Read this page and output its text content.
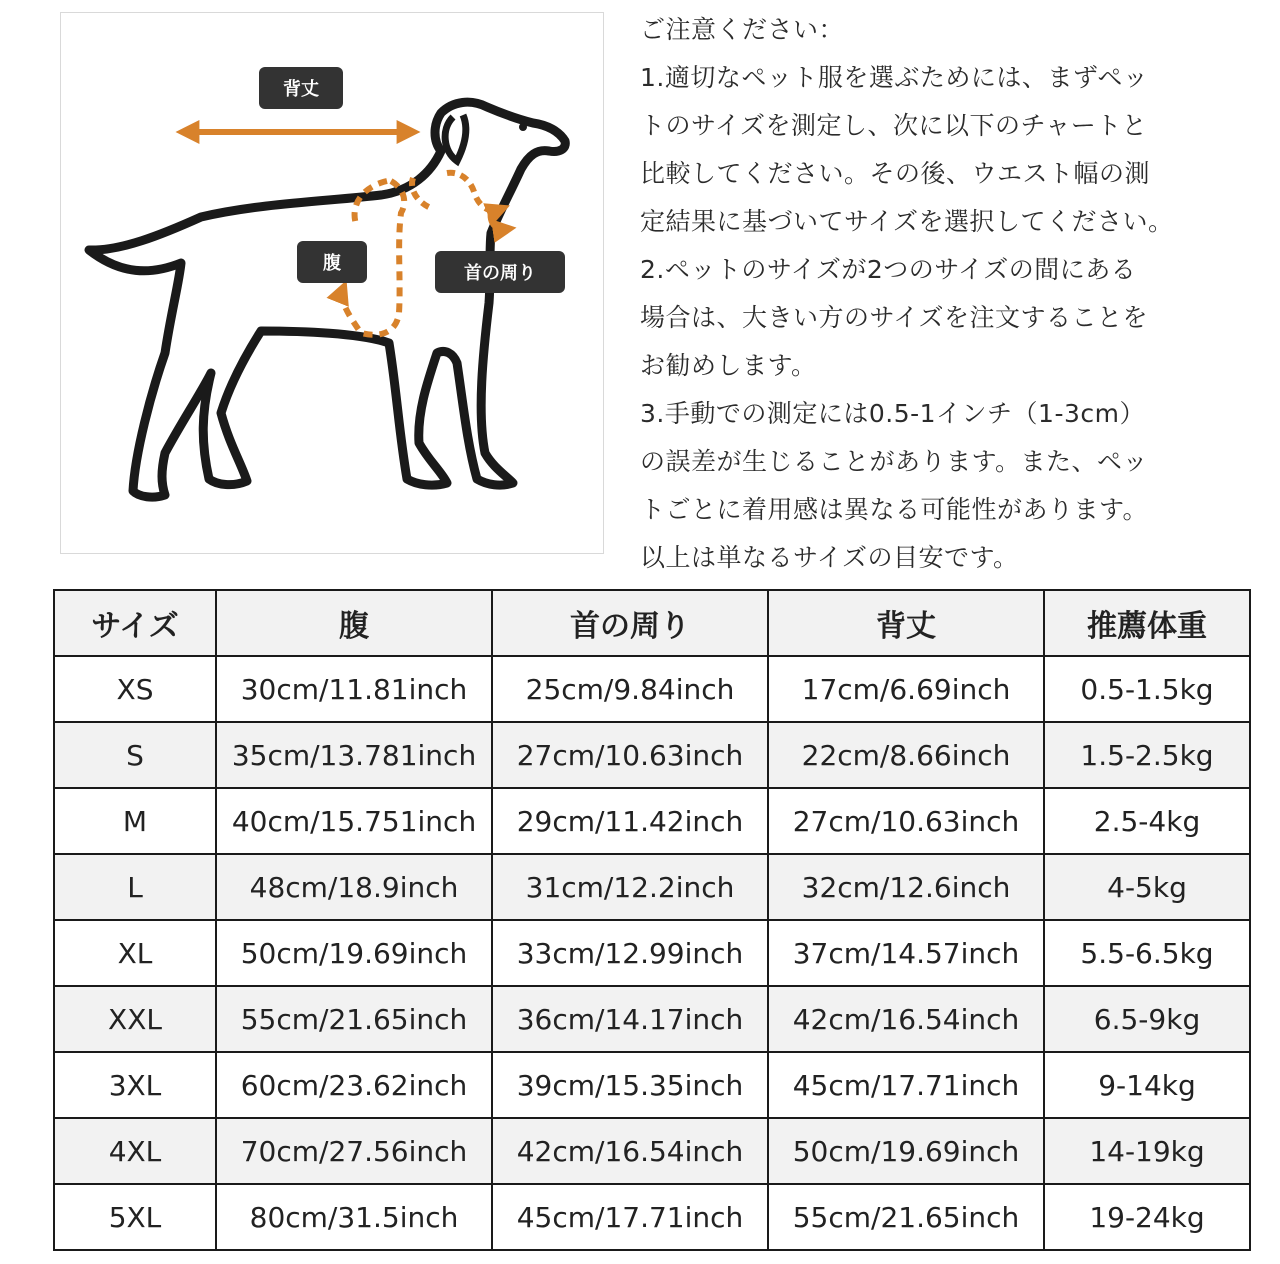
背丈
腹	首の周り
ご注意ください：
1.適切なペット服を選ぶためには、まずペッ
トのサイズを測定し、次に以下のチャートと
比較してください。その後、ウエスト幅の測
定結果に基づいてサイズを選択してください。
2.ペットのサイズが2つのサイズの間にある
場合は、大きい方のサイズを注文することを
お勧めします。
3.手動での測定には0.5-1インチ（1-3cm）
の誤差が生じることがあります。また、ペッ
トごとに着用感は異なる可能性があります。
以上は単なるサイズの目安です。
サイズ	腹	首の周り	背丈	推薦体重
XS	30cm/11.81inch	25cm/9.84inch	17cm/6.69inch	0.5-1.5kg
S	35cm/13.781inch	27cm/10.63inch	22cm/8.66inch	1.5-2.5kg
M	40cm/15.751inch	29cm/11.42inch	27cm/10.63inch	2.5-4kg
L	48cm/18.9inch	31cm/12.2inch	32cm/12.6inch	4-5kg
XL	50cm/19.69inch	33cm/12.99inch	37cm/14.57inch	5.5-6.5kg
XXL	55cm/21.65inch	36cm/14.17inch	42cm/16.54inch	6.5-9kg
3XL	60cm/23.62inch	39cm/15.35inch	45cm/17.71inch	9-14kg
4XL	70cm/27.56inch	42cm/16.54inch	50cm/19.69inch	14-19kg
5XL	80cm/31.5inch	45cm/17.71inch	55cm/21.65inch	19-24kg
